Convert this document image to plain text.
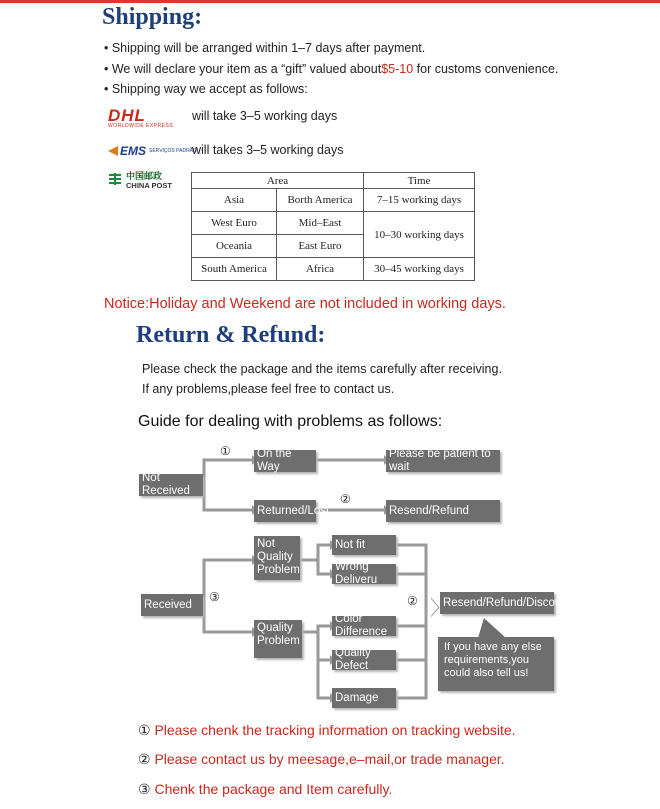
Shipping:
• Shipping will be arranged within 1–7 days after payment.
• We will declare your item as a “gift” valued about$5-10 for customs convenience.
• Shipping way we accept as follows:
DHL
WORLDWIDE EXPRESS
will take 3–5 working days
EMS SERVIÇOS PADRÃO
will takes 3–5 working days
中国邮政
CHINA POST	Area		Time
Asia	Borth America	7–15 working days
West Euro	Mid–East	10–30 working days
Oceania	East Euro	
South America	Africa	30–45 working days
Notice:Holiday and Weekend are not included in working days.
Return & Refund:
Please check the package and the items carefully after receiving.
If any problems,please feel free to contact us.
Guide for dealing with problems as follows:
Not Received
On the Way
Please be patient to wait
Returned/Lost	Resend/Refund
Received
Not Quality Problem
Not fit
Wrong Deliveru
Quality Problem
Color Difference
Quality Defect
Damage
Resend/Refund/Discount
If you have any else requirements,you could also tell us!
〉
①
②
③	②
① Please chenk the tracking information on tracking website.
② Please contact us by meesage,e–mail,or trade manager.
③ Chenk the package and Item carefully.
